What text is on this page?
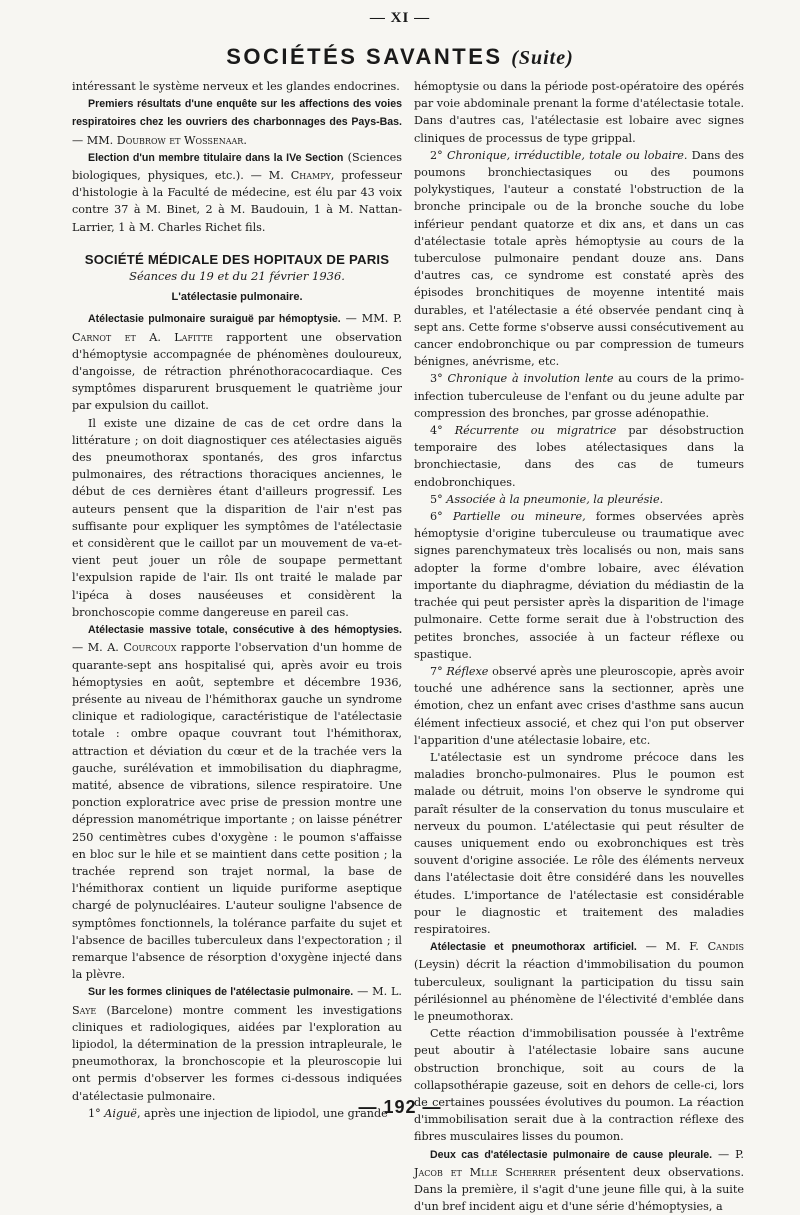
— XI —
SOCIÉTÉS SAVANTES (Suite)

intéressant le système nerveux et les glandes endocrines.

Premiers résultats d'une enquête sur les affections des voies respiratoires chez les ouvriers des charbonnages des Pays-Bas. — MM. Doubrow et Wossenaar.

Election d'un membre titulaire dans la IVe Section (Sciences biologiques, physiques, etc.). — M. Champy, professeur d'histologie à la Faculté de médecine, est élu par 43 voix contre 37 à M. Binet, 2 à M. Baudouin, 1 à M. Nattan-Larrier, 1 à M. Charles Richet fils.

SOCIÉTÉ MÉDICALE DES HOPITAUX DE PARIS
Séances du 19 et du 21 février 1936.
L'atélectasie pulmonaire.

Atélectasie pulmonaire suraiguë par hémoptysie. — MM. P. Carnot et A. Lafitte rapportent une observation d'hémoptysie accompagnée de phénomènes douloureux, d'angoisse, de rétraction phrénothoracocardiaque. Ces symptômes disparurent brusquement le quatrième jour par expulsion du caillot.

Il existe une dizaine de cas de cet ordre dans la littérature ; on doit diagnostiquer ces atélectasies aiguës des pneumothorax spontanés, des gros infarctus pulmonaires, des rétractions thoraciques anciennes, le début de ces dernières étant d'ailleurs progressif. Les auteurs pensent que la disparition de l'air n'est pas suffisante pour expliquer les symptômes de l'atélectasie et considèrent que le caillot par un mouvement de va-et-vient peut jouer un rôle de soupape permettant l'expulsion rapide de l'air. Ils ont traité le malade par l'ipéca à doses nauséeuses et considèrent la bronchoscopie comme dangereuse en pareil cas.

Atélectasie massive totale, consécutive à des hémoptysies. — M. A. Courcoux rapporte l'observation d'un homme de quarante-sept ans hospitalisé qui, après avoir eu trois hémoptysies en août, septembre et décembre 1936, présente au niveau de l'hémithorax gauche un syndrome clinique et radiologique, caractéristique de l'atélectasie totale : ombre opaque couvrant tout l'hémithorax, attraction et déviation du cœur et de la trachée vers la gauche, surélévation et immobilisation du diaphragme, matité, absence de vibrations, silence respiratoire. Une ponction exploratrice avec prise de pression montre une dépression manométrique importante ; on laisse pénétrer 250 centimètres cubes d'oxygène : le poumon s'affaisse en bloc sur le hile et se maintient dans cette position ; la trachée reprend son trajet normal, la base de l'hémithorax contient un liquide puriforme aseptique chargé de polynucléaires. L'auteur souligne l'absence de symptômes fonctionnels, la tolérance parfaite du sujet et l'absence de bacilles tuberculeux dans l'expectoration ; il remarque l'absence de résorption d'oxygène injecté dans la plèvre.

Sur les formes cliniques de l'atélectasie pulmonaire. — M. L. Saye (Barcelone) montre comment les investigations cliniques et radiologiques, aidées par l'exploration au lipiodol, la détermination de la pression intrapleurale, le pneumothorax, la bronchoscopie et la pleuroscopie lui ont permis d'observer les formes ci-dessous indiquées d'atélectasie pulmonaire.

1° Aiguë, après une injection de lipiodol, une grande

hémoptysie ou dans la période post-opératoire des opérés par voie abdominale prenant la forme d'atélectasie totale. Dans d'autres cas, l'atélectasie est lobaire avec signes cliniques de processus de type grippal.

2° Chronique, irréductible, totale ou lobaire. Dans des poumons bronchiectasiques ou des poumons polykystiques, l'auteur a constaté l'obstruction de la bronche principale ou de la bronche souche du lobe inférieur pendant quatorze et dix ans, et dans un cas d'atélectasie totale après hémoptysie au cours de la tuberculose pulmonaire pendant douze ans. Dans d'autres cas, ce syndrome est constaté après des épisodes bronchitiques de moyenne intentité mais durables, et l'atélectasie a été observée pendant cinq à sept ans. Cette forme s'observe aussi consécutivement au cancer endobronchique ou par compression de tumeurs bénignes, anévrisme, etc.

3° Chronique à involution lente au cours de la primo-infection tuberculeuse de l'enfant ou du jeune adulte par compression des bronches, par grosse adénopathie.

4° Récurrente ou migratrice par désobstruction temporaire des lobes atélectasiques dans la bronchiectasie, dans des cas de tumeurs endobronchiques.

5° Associée à la pneumonie, la pleurésie.

6° Partielle ou mineure, formes observées après hémoptysie d'origine tuberculeuse ou traumatique avec signes parenchymateux très localisés ou non, mais sans adopter la forme d'ombre lobaire, avec élévation importante du diaphragme, déviation du médiastin de la trachée qui peut persister après la disparition de l'image pulmonaire. Cette forme serait due à l'obstruction des petites bronches, associée à un facteur réflexe ou spastique.

7° Réflexe observé après une pleuroscopie, après avoir touché une adhérence sans la sectionner, après une émotion, chez un enfant avec crises d'asthme sans aucun élément infectieux associé, et chez qui l'on put observer l'apparition d'une atélectasie lobaire, etc.

L'atélectasie est un syndrome précoce dans les maladies broncho-pulmonaires. Plus le poumon est malade ou détruit, moins l'on observe le syndrome qui paraît résulter de la conservation du tonus musculaire et nerveux du poumon. L'atélectasie qui peut résulter de causes uniquement endo ou exobronchiques est très souvent d'origine associée. Le rôle des éléments nerveux dans l'atélectasie doit être considéré dans les nouvelles études. L'importance de l'atélectasie est considérable pour le diagnostic et traitement des maladies respiratoires.

Atélectasie et pneumothorax artificiel. — M. F. Candis (Leysin) décrit la réaction d'immobilisation du poumon tuberculeux, soulignant la participation du tissu sain périlésionnel au phénomène de l'électivité d'emblée dans le pneumothorax.

Cette réaction d'immobilisation poussée à l'extrême peut aboutir à l'atélectasie lobaire sans aucune obstruction bronchique, soit au cours de la collapsothérapie gazeuse, soit en dehors de celle-ci, lors de certaines poussées évolutives du poumon. La réaction d'immobilisation serait due à la contraction réflexe des fibres musculaires lisses du poumon.

Deux cas d'atélectasie pulmonaire de cause pleurale. — P. Jacob et Mlle Scherrer présentent deux observations. Dans la première, il s'agit d'une jeune fille qui, à la suite d'un bref incident aigu et d'une série d'hémoptysies, a

— 192 —
